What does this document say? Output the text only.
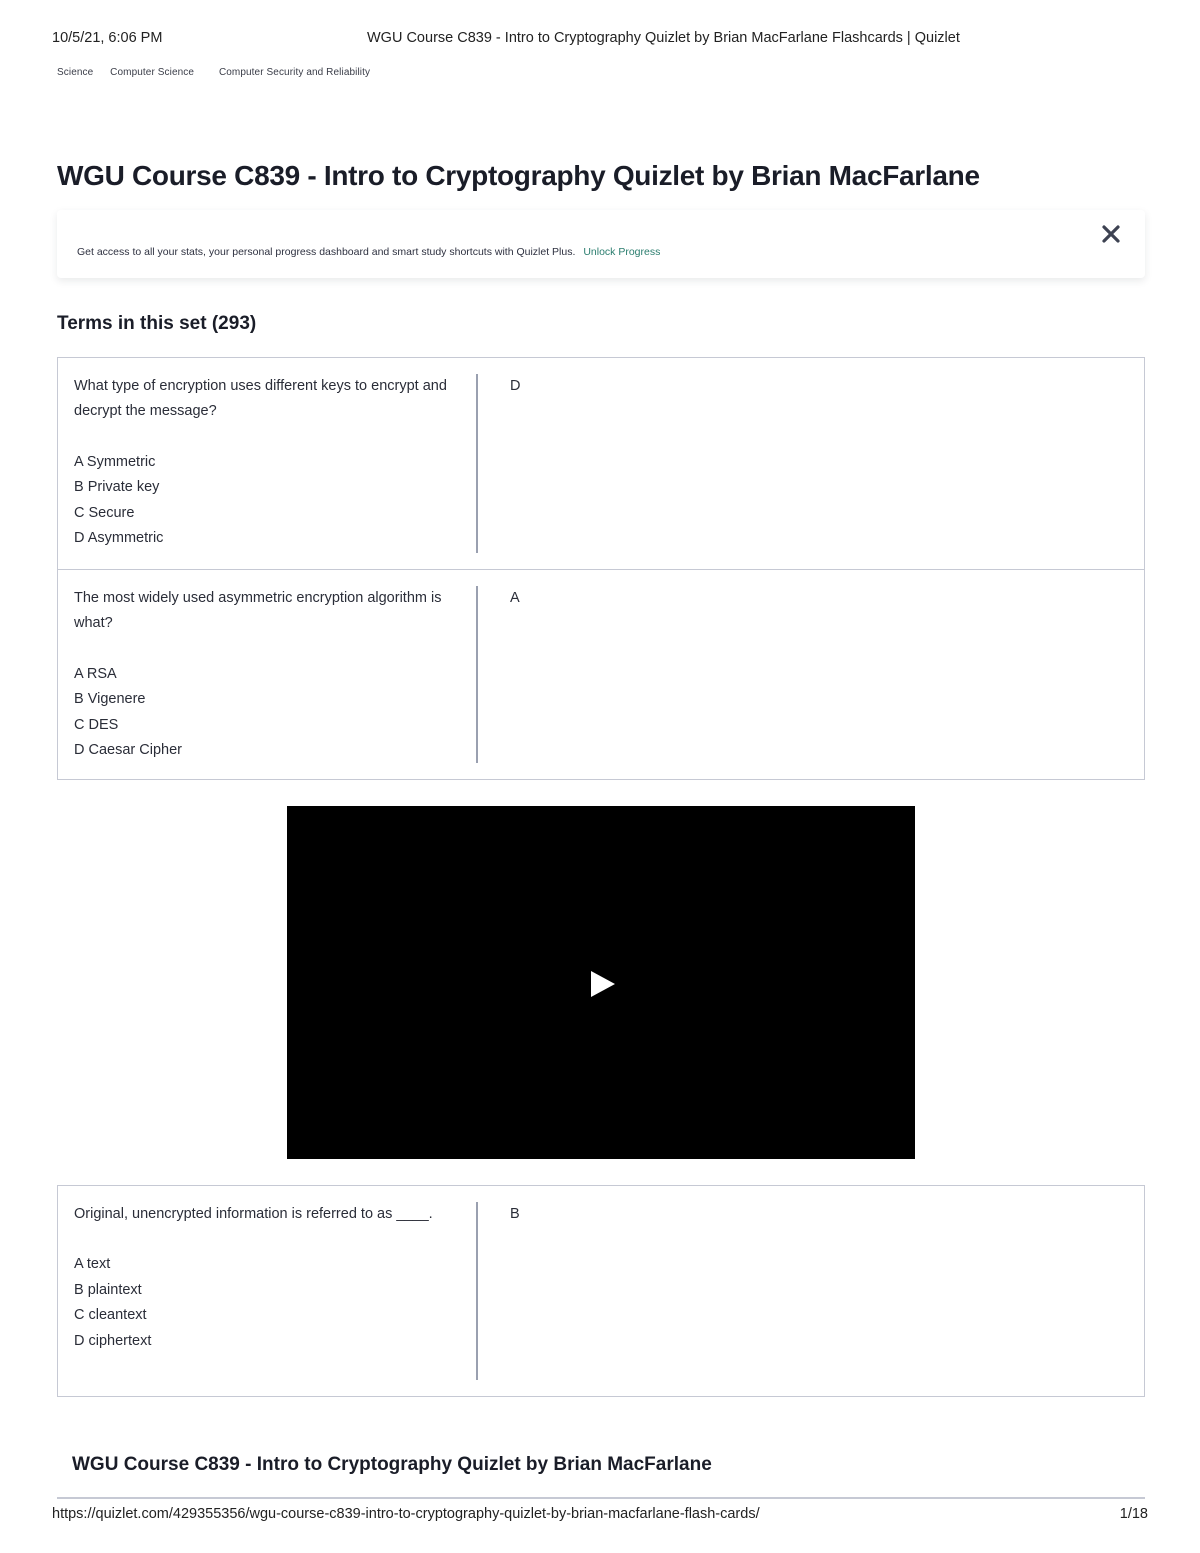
10/5/21, 6:06 PM	WGU Course C839 - Intro to Cryptography Quizlet by Brian MacFarlane Flashcards | Quizlet
Science Computer Science Computer Security and Reliability
WGU Course C839 - Intro to Cryptography Quizlet by Brian MacFarlane
Get access to all your stats, your personal progress dashboard and smart study shortcuts with Quizlet Plus. Unlock Progress
Terms in this set (293)
What type of encryption uses different keys to encrypt and decrypt the message?
A Symmetric
B Private key
C Secure
D Asymmetric
D
The most widely used asymmetric encryption algorithm is what?
A RSA
B Vigenere
C DES
D Caesar Cipher
A
Original, unencrypted information is referred to as ____.
A text
B plaintext
C cleantext
D ciphertext
B
WGU Course C839 - Intro to Cryptography Quizlet by Brian MacFarlane
https://quizlet.com/429355356/wgu-course-c839-intro-to-cryptography-quizlet-by-brian-macfarlane-flash-cards/	1/18
